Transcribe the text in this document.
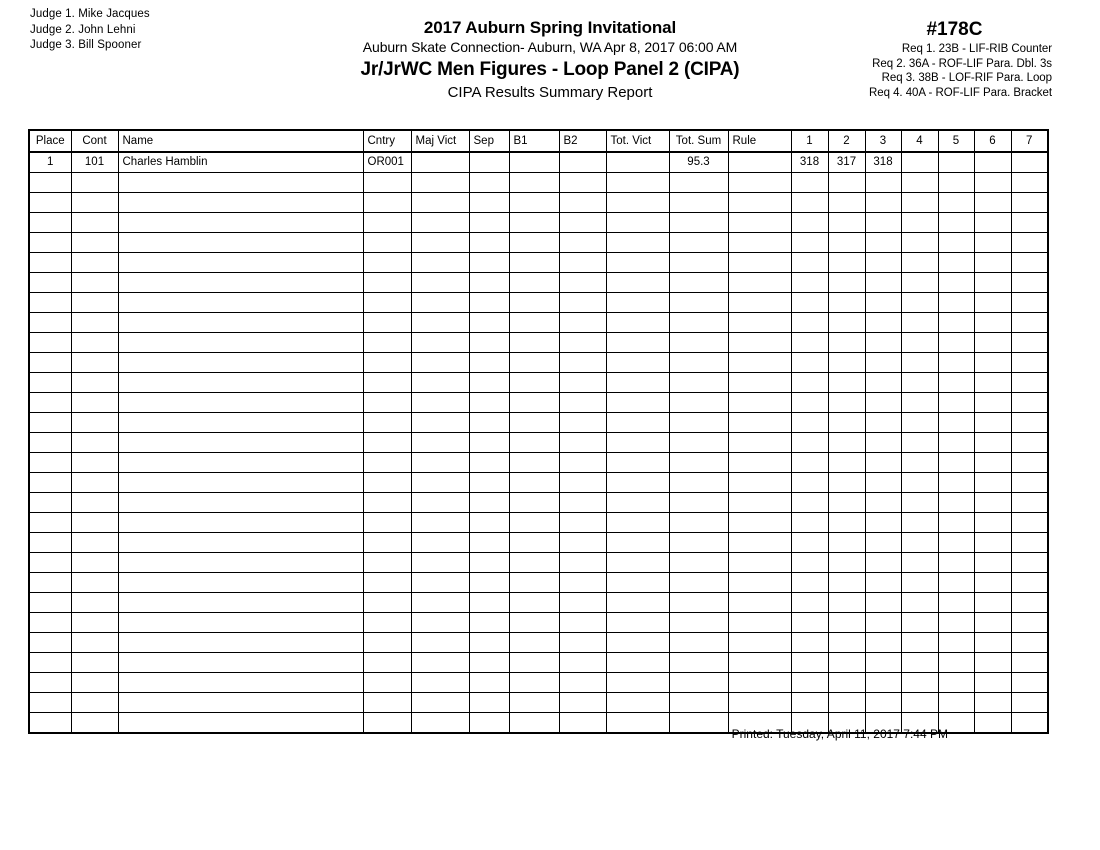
Judge 1. Mike Jacques
Judge 2. John Lehni
Judge 3. Bill Spooner
2017 Auburn Spring Invitational
Auburn Skate Connection- Auburn, WA Apr 8, 2017 06:00 AM
Jr/JrWC Men Figures - Loop Panel 2 (CIPA)
CIPA Results Summary Report
#178C
Req 1. 23B - LIF-RIB Counter
Req 2. 36A - ROF-LIF Para. Dbl. 3s
Req 3. 38B - LOF-RIF Para. Loop
Req 4. 40A - ROF-LIF Para. Bracket
Place	Cont	Name	Cntry	Maj Vict	Sep	B1	B2	Tot. Vict	Tot. Sum	Rule	1	2	3	4	5	6	7
1	101	Charles Hamblin	OR001						95.3		318	317	318				

Printed: Tuesday, April 11, 2017 7:44 PM
